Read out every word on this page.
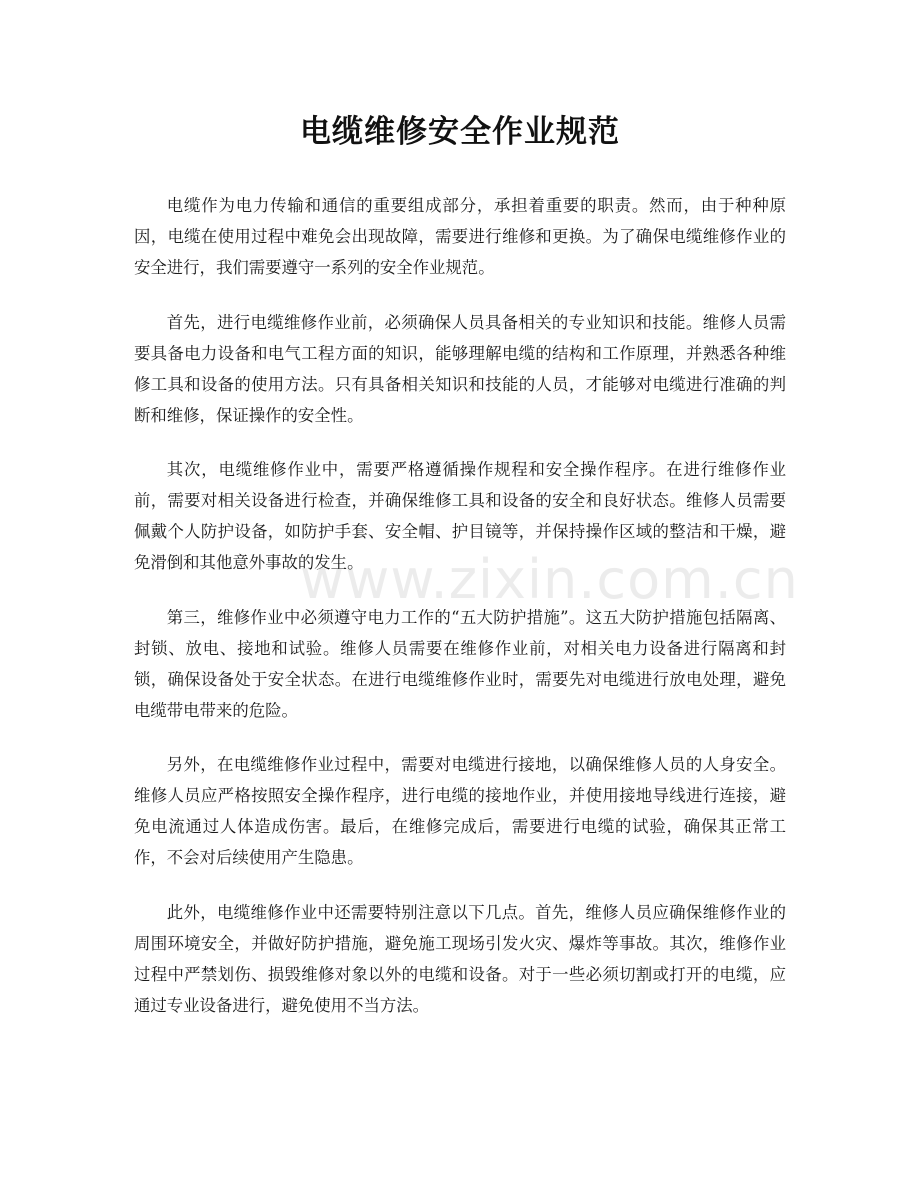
电缆维修安全作业规范

电缆作为电力传输和通信的重要组成部分，承担着重要的职责。然而，由于种种原因，电缆在使用过程中难免会出现故障，需要进行维修和更换。为了确保电缆维修作业的安全进行，我们需要遵守一系列的安全作业规范。

首先，进行电缆维修作业前，必须确保人员具备相关的专业知识和技能。维修人员需要具备电力设备和电气工程方面的知识，能够理解电缆的结构和工作原理，并熟悉各种维修工具和设备的使用方法。只有具备相关知识和技能的人员，才能够对电缆进行准确的判断和维修，保证操作的安全性。

其次，电缆维修作业中，需要严格遵循操作规程和安全操作程序。在进行维修作业前，需要对相关设备进行检查，并确保维修工具和设备的安全和良好状态。维修人员需要佩戴个人防护设备，如防护手套、安全帽、护目镜等，并保持操作区域的整洁和干燥，避免滑倒和其他意外事故的发生。

第三，维修作业中必须遵守电力工作的“五大防护措施”。这五大防护措施包括隔离、封锁、放电、接地和试验。维修人员需要在维修作业前，对相关电力设备进行隔离和封锁，确保设备处于安全状态。在进行电缆维修作业时，需要先对电缆进行放电处理，避免电缆带电带来的危险。

另外，在电缆维修作业过程中，需要对电缆进行接地，以确保维修人员的人身安全。维修人员应严格按照安全操作程序，进行电缆的接地作业，并使用接地导线进行连接，避免电流通过人体造成伤害。最后，在维修完成后，需要进行电缆的试验，确保其正常工作，不会对后续使用产生隐患。

此外，电缆维修作业中还需要特别注意以下几点。首先，维修人员应确保维修作业的周围环境安全，并做好防护措施，避免施工现场引发火灾、爆炸等事故。其次，维修作业过程中严禁划伤、损毁维修对象以外的电缆和设备。对于一些必须切割或打开的电缆，应通过专业设备进行，避免使用不当方法。

www.zixin.com.cn
